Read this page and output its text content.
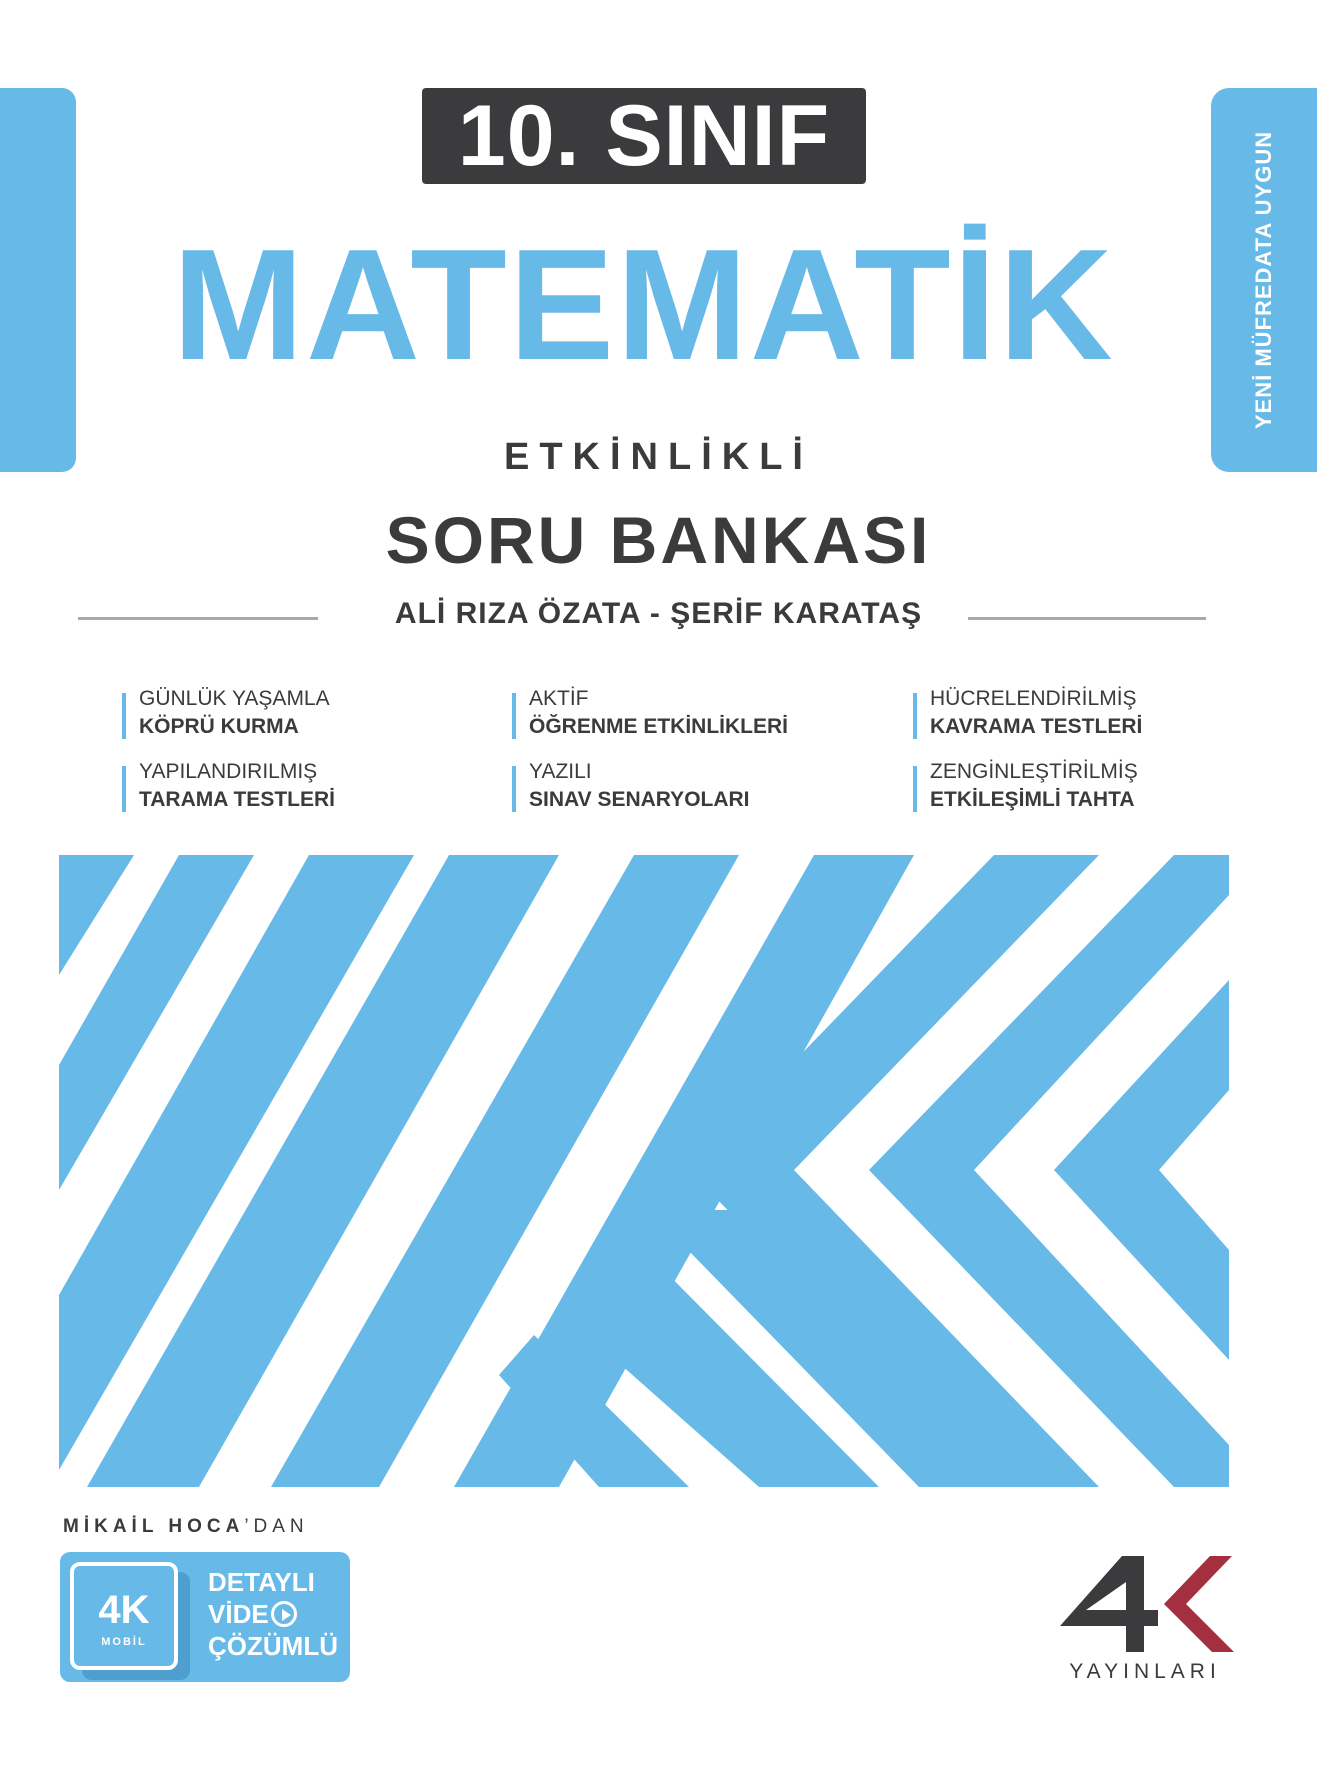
YENİ MÜFREDATA UYGUN
10. SINIF
MATEMATİK
ETKİNLİKLİ
SORU BANKASI
ALİ RIZA ÖZATA - ŞERİF KARATAŞ
GÜNLÜK YAŞAMLA
KÖPRÜ KURMA
AKTİF
ÖĞRENME ETKİNLİKLERİ
HÜCRELENDİRİLMİŞ
KAVRAMA TESTLERİ
YAPILANDIRILMIŞ
TARAMA TESTLERİ
YAZILI
SINAV SENARYOLARI
ZENGİNLEŞTİRİLMİŞ
ETKİLEŞİMLİ TAHTA
MİKAİL HOCA’DAN
4K
MOBİL
DETAYLI
VİDE
ÇÖZÜMLÜ
YAYINLARI
